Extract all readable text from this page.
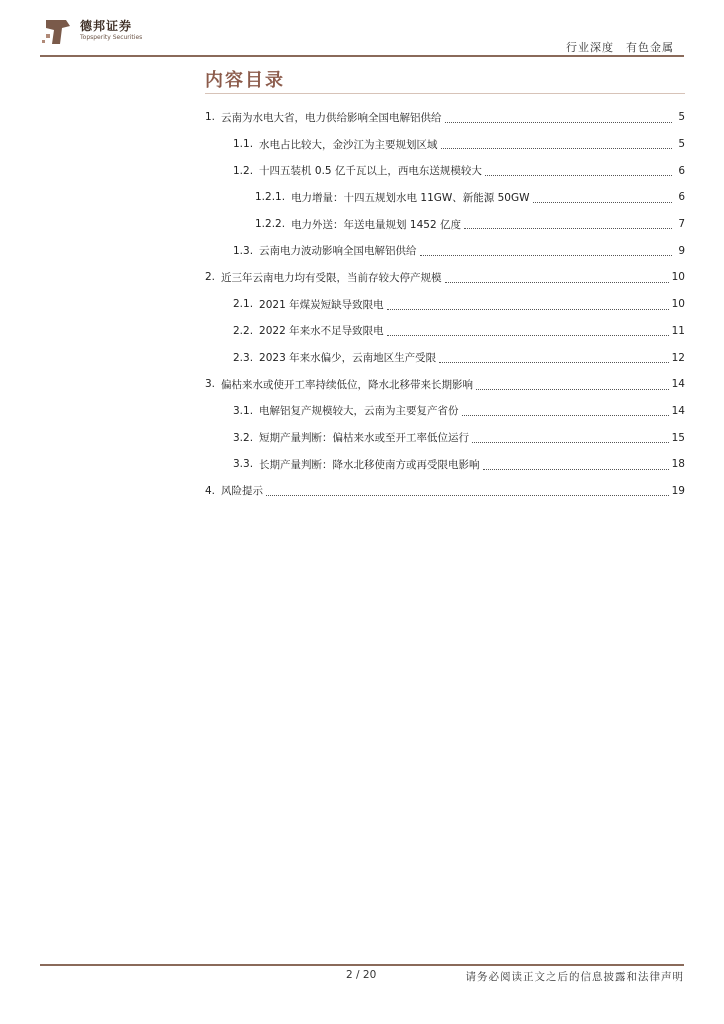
德邦证券
Topsperity Securities
行业深度　有色金属
内容目录
1. 云南为水电大省，电力供给影响全国电解铝供给	5
1.1. 水电占比较大，金沙江为主要规划区域	5
1.2. 十四五装机 0.5 亿千瓦以上，西电东送规模较大	6
1.2.1. 电力增量：十四五规划水电 11GW、新能源 50GW	6
1.2.2. 电力外送：年送电量规划 1452 亿度	7
1.3. 云南电力波动影响全国电解铝供给	9
2. 近三年云南电力均有受限，当前存较大停产规模	10
2.1. 2021 年煤炭短缺导致限电	10
2.2. 2022 年来水不足导致限电	11
2.3. 2023 年来水偏少，云南地区生产受限	12
3. 偏枯来水或使开工率持续低位，降水北移带来长期影响	14
3.1. 电解铝复产规模较大，云南为主要复产省份	14
3.2. 短期产量判断：偏枯来水或至开工率低位运行	15
3.3. 长期产量判断：降水北移使南方或再受限电影响	18
4. 风险提示	19
2 / 20	请务必阅读正文之后的信息披露和法律声明
